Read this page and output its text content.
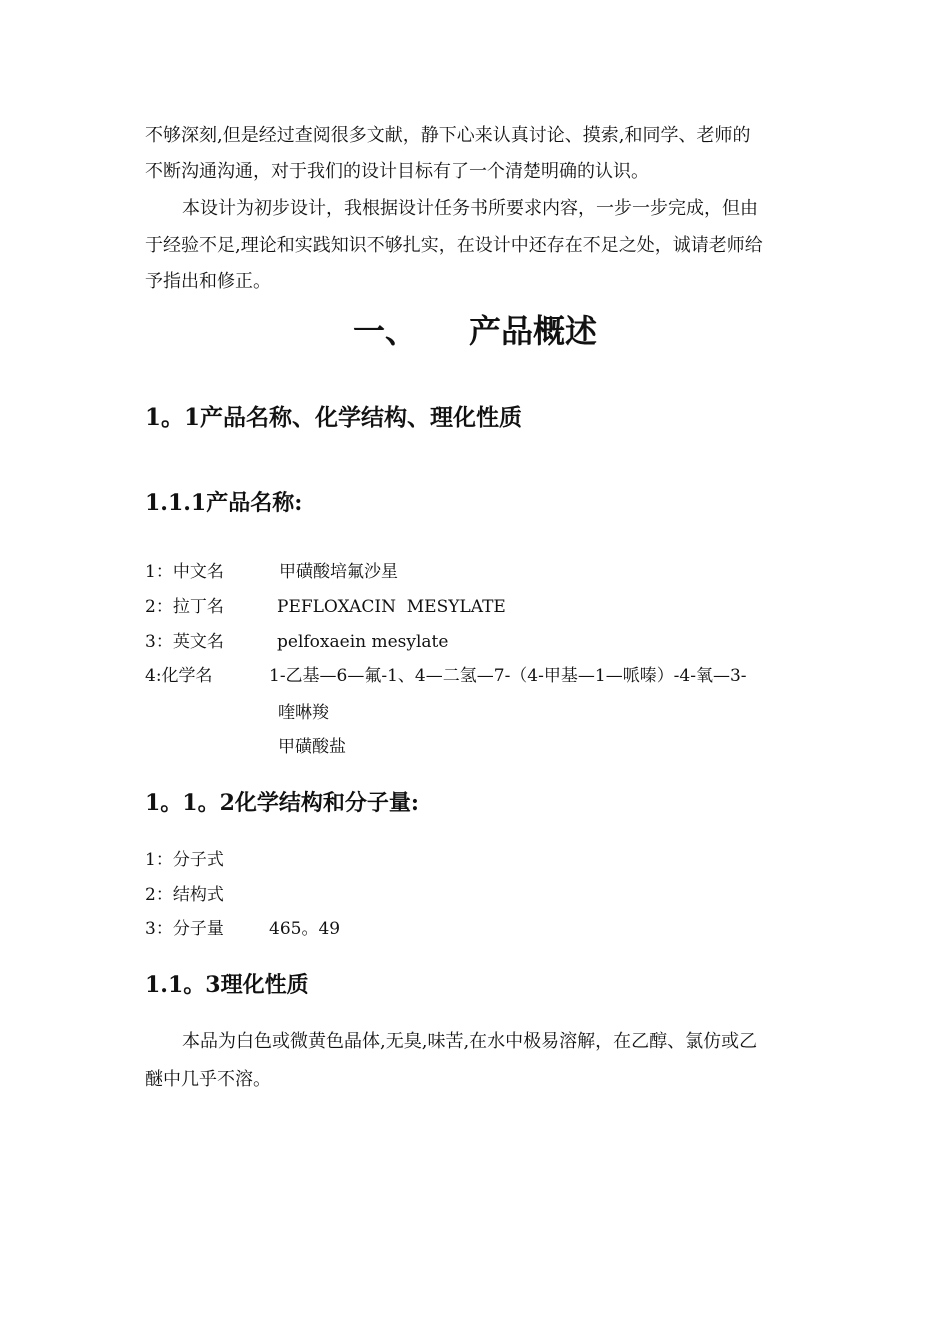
不够深刻,但是经过查阅很多文献，静下心来认真讨论、摸索,和同学、老师的
不断沟通沟通，对于我们的设计目标有了一个清楚明确的认识。
本设计为初步设计，我根据设计任务书所要求内容，一步一步完成，但由
于经验不足,理论和实践知识不够扎实，在设计中还存在不足之处，诚请老师给
予指出和修正。
一、 产品概述
1。1产品名称、化学结构、理化性质
1.1.1产品名称:
1：中文名	甲磺酸培氟沙星
2：拉丁名	PEFLOXACIN  MESYLATE
3：英文名	pelfoxaein mesylate
4:化学名	1-乙基—6—氟-1、4—二氢—7-（4-甲基—1—哌嗪）-4-氧—3-
喹啉羧
甲磺酸盐
1。1。2化学结构和分子量:
1：分子式
2：结构式
3：分子量	465。49
1.1。3理化性质
本品为白色或微黄色晶体,无臭,味苦,在水中极易溶解，在乙醇、氯仿或乙
醚中几乎不溶。
